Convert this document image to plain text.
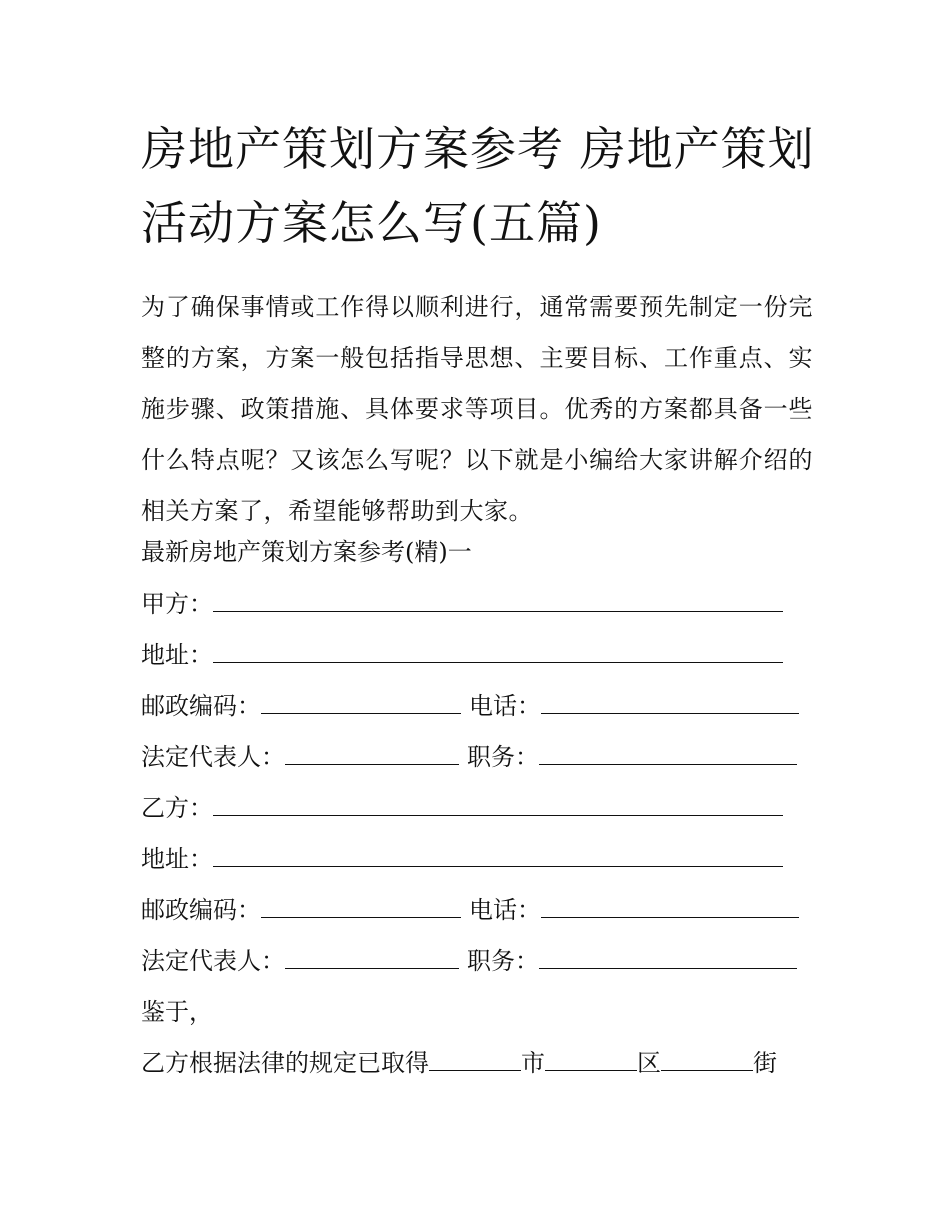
房地产策划方案参考 房地产策划活动方案怎么写(五篇)

为了确保事情或工作得以顺利进行，通常需要预先制定一份完整的方案，方案一般包括指导思想、主要目标、工作重点、实施步骤、政策措施、具体要求等项目。优秀的方案都具备一些什么特点呢？又该怎么写呢？以下就是小编给大家讲解介绍的相关方案了，希望能够帮助到大家。

最新房地产策划方案参考(精)一
甲方：
地址：
邮政编码：	电话：
法定代表人：	职务：
乙方：
地址：
邮政编码：	电话：
法定代表人：	职务：
鉴于，
乙方根据法律的规定已取得	市	区	街
